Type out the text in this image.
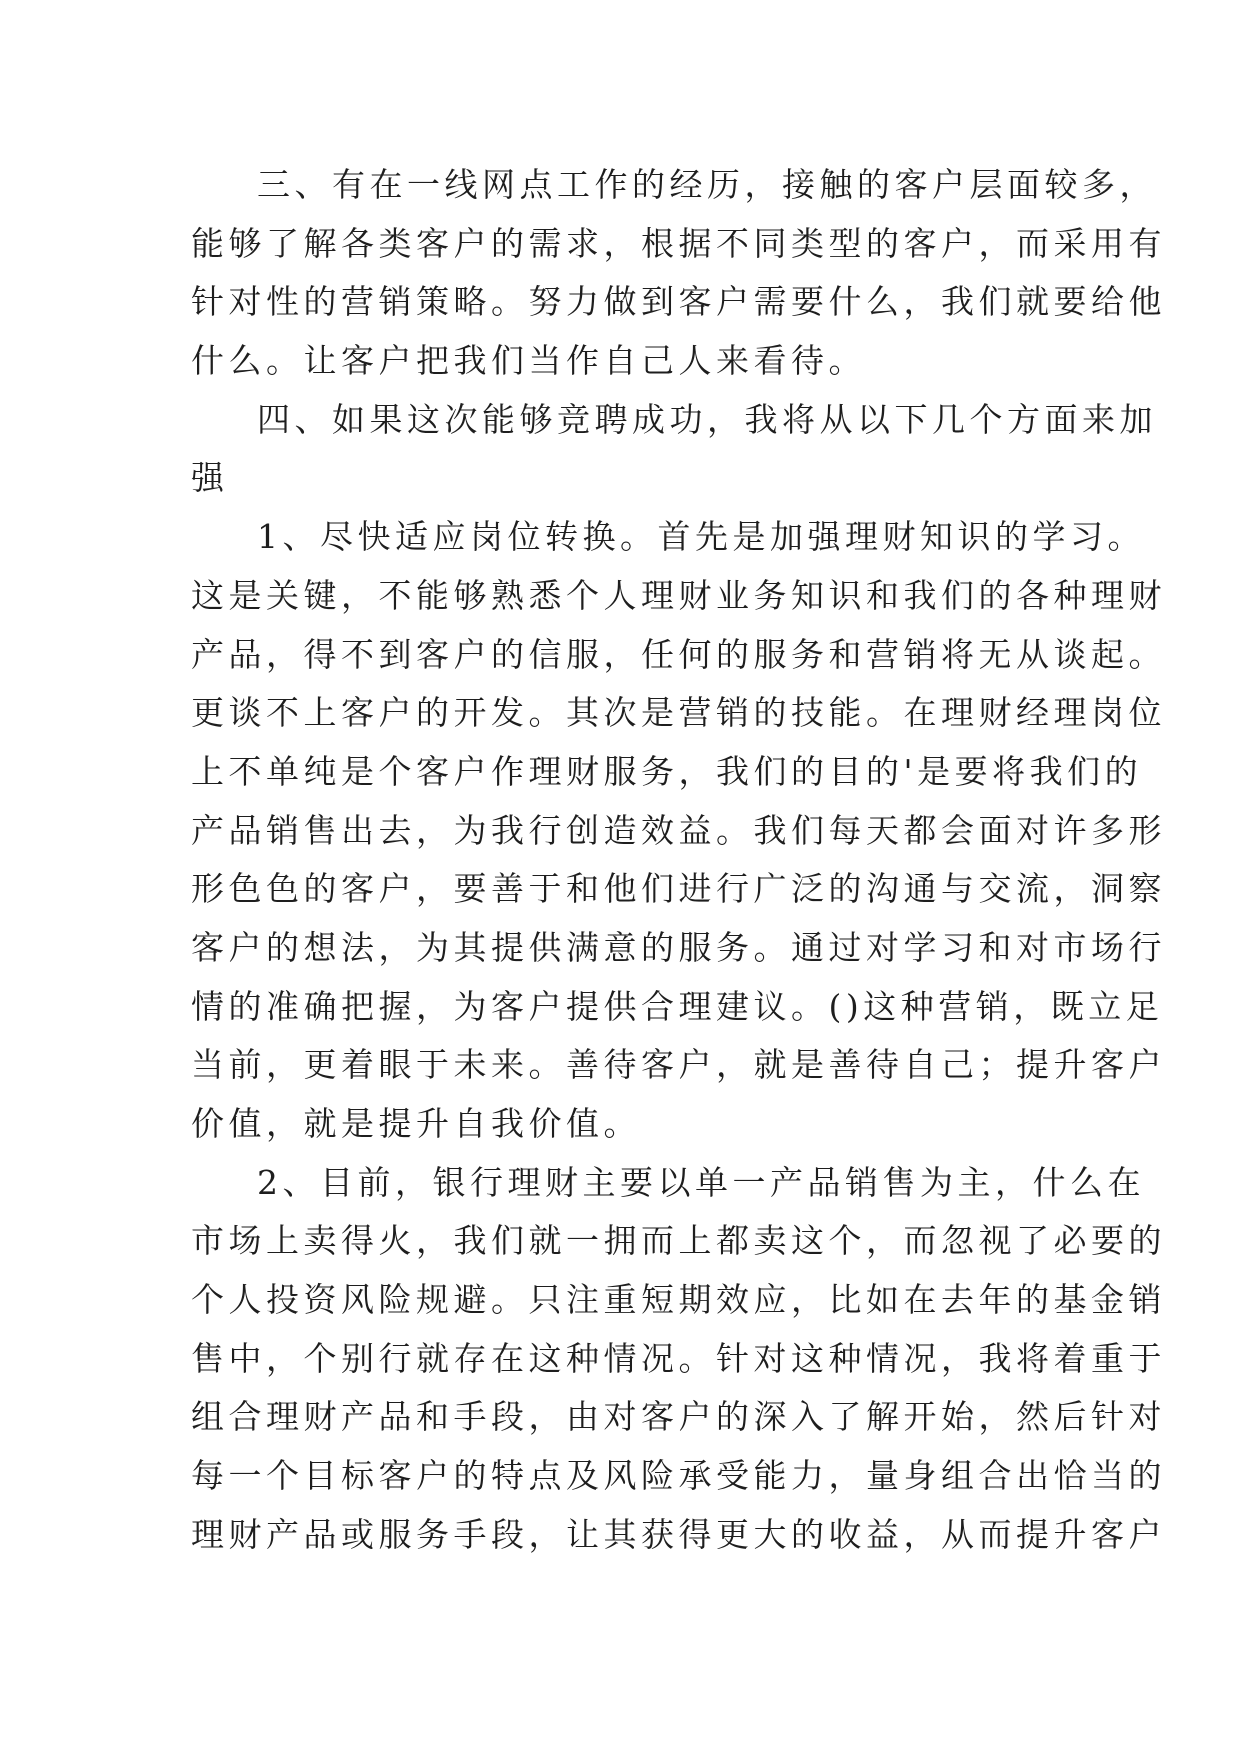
三、有在一线网点工作的经历，接触的客户层面较多，
能够了解各类客户的需求，根据不同类型的客户，而采用有
针对性的营销策略。努力做到客户需要什么，我们就要给他
什么。让客户把我们当作自己人来看待。
四、如果这次能够竞聘成功，我将从以下几个方面来加
强
1、尽快适应岗位转换。首先是加强理财知识的学习。
这是关键，不能够熟悉个人理财业务知识和我们的各种理财
产品，得不到客户的信服，任何的服务和营销将无从谈起。
更谈不上客户的开发。其次是营销的技能。在理财经理岗位
上不单纯是个客户作理财服务，我们的目的'是要将我们的
产品销售出去，为我行创造效益。我们每天都会面对许多形
形色色的客户，要善于和他们进行广泛的沟通与交流，洞察
客户的想法，为其提供满意的服务。通过对学习和对市场行
情的准确把握，为客户提供合理建议。()这种营销，既立足
当前，更着眼于未来。善待客户，就是善待自己；提升客户
价值，就是提升自我价值。
2、目前，银行理财主要以单一产品销售为主，什么在
市场上卖得火，我们就一拥而上都卖这个，而忽视了必要的
个人投资风险规避。只注重短期效应，比如在去年的基金销
售中，个别行就存在这种情况。针对这种情况，我将着重于
组合理财产品和手段，由对客户的深入了解开始，然后针对
每一个目标客户的特点及风险承受能力，量身组合出恰当的
理财产品或服务手段，让其获得更大的收益，从而提升客户
